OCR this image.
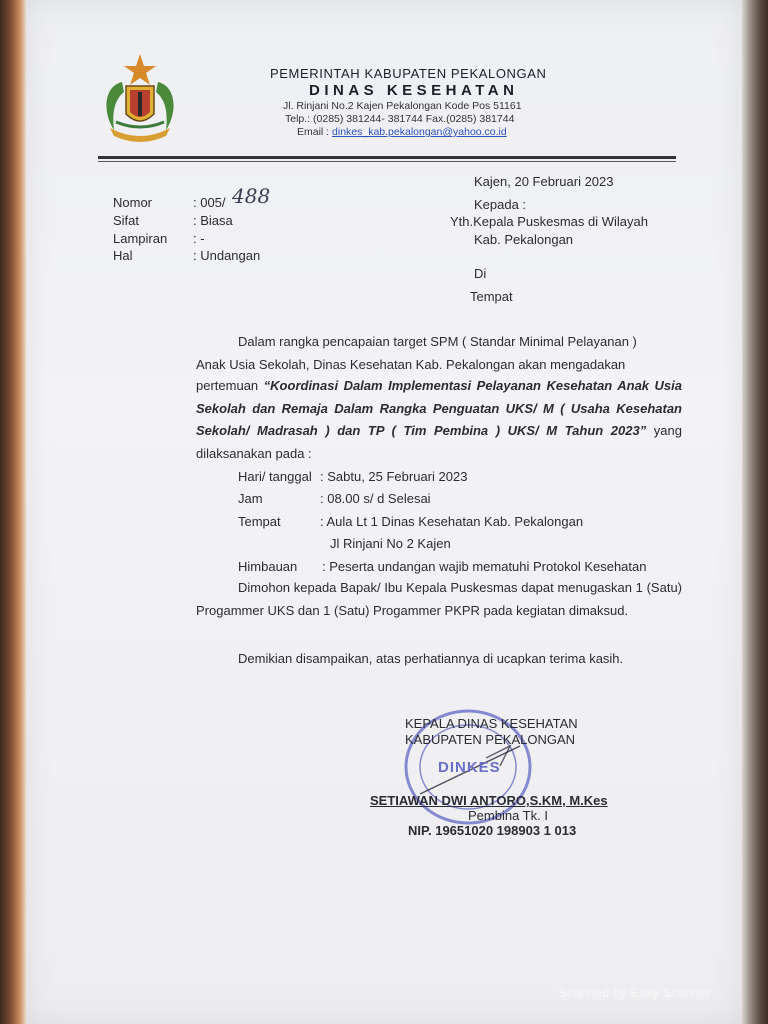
PEMERINTAH KABUPATEN PEKALONGAN
DINAS KESEHATAN
Jl. Rinjani No.2 Kajen Pekalongan Kode Pos 51161
Telp.: (0285) 381244- 381744 Fax.(0285) 381744
Email : dinkes_kab.pekalongan@yahoo.co.id
Kajen, 20 Februari 2023
Kepada :
Yth.Kepala Puskesmas di Wilayah
Kab. Pekalongan
Di
Tempat
Nomor	: 005/ 488
Sifat	: Biasa
Lampiran : -
Hal	: Undangan
Dalam rangka pencapaian target SPM ( Standar Minimal Pelayanan )
Anak Usia Sekolah, Dinas Kesehatan Kab. Pekalongan akan mengadakan
pertemuan “Koordinasi Dalam Implementasi Pelayanan Kesehatan Anak Usia Sekolah dan Remaja Dalam Rangka Penguatan UKS/ M ( Usaha Kesehatan Sekolah/ Madrasah ) dan TP ( Tim Pembina ) UKS/ M Tahun 2023” yang dilaksanakan pada :
Hari/ tanggal : Sabtu, 25 Februari 2023
Jam	: 08.00 s/ d Selesai
Tempat	: Aula Lt 1 Dinas Kesehatan Kab. Pekalongan
Jl Rinjani No 2 Kajen
Himbauan : Peserta undangan wajib mematuhi Protokol Kesehatan
Dimohon kepada Bapak/ Ibu Kepala Puskesmas dapat menugaskan 1 (Satu) Progammer UKS dan 1 (Satu) Progammer PKPR pada kegiatan dimaksud.
Demikian disampaikan, atas perhatiannya di ucapkan terima kasih.
DINKES
KEPALA DINAS KESEHATAN
KABUPATEN PEKALONGAN
SETIAWAN DWI ANTORO,S.KM, M.Kes
Pembina Tk. I
NIP. 19651020 198903 1 013
Scanned by Easy Scanner
